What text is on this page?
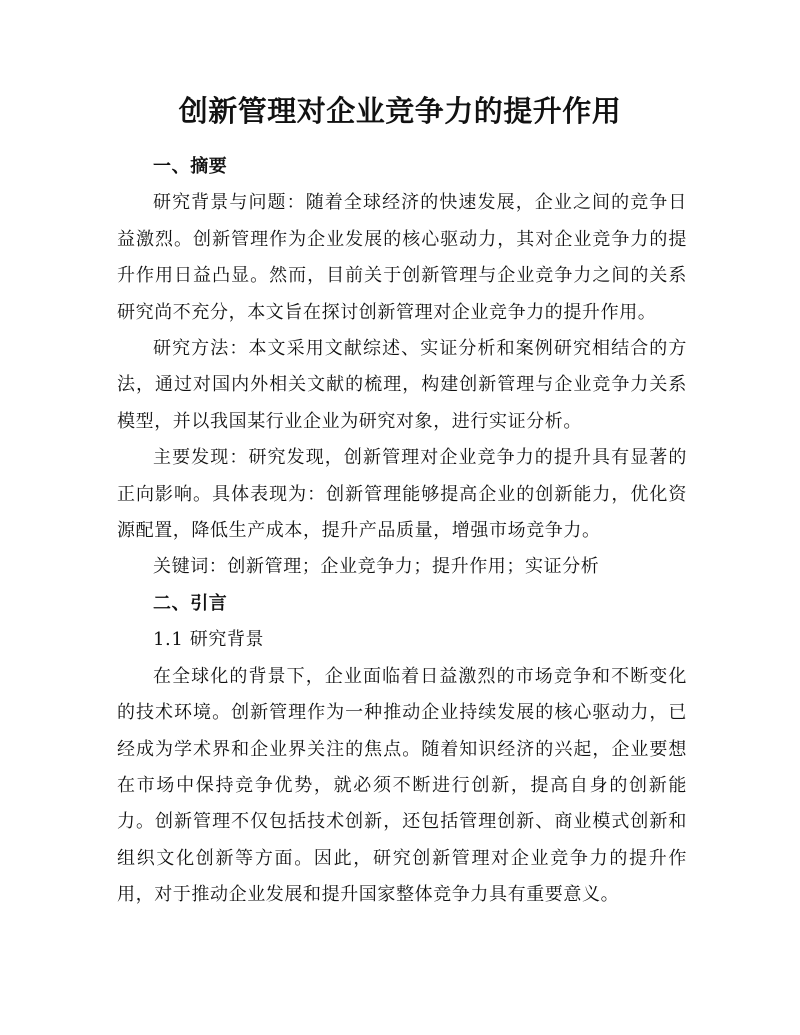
创新管理对企业竞争力的提升作用

一、摘要

研究背景与问题：随着全球经济的快速发展，企业之间的竞争日益激烈。创新管理作为企业发展的核心驱动力，其对企业竞争力的提升作用日益凸显。然而，目前关于创新管理与企业竞争力之间的关系研究尚不充分，本文旨在探讨创新管理对企业竞争力的提升作用。

研究方法：本文采用文献综述、实证分析和案例研究相结合的方法，通过对国内外相关文献的梳理，构建创新管理与企业竞争力关系模型，并以我国某行业企业为研究对象，进行实证分析。

主要发现：研究发现，创新管理对企业竞争力的提升具有显著的正向影响。具体表现为：创新管理能够提高企业的创新能力，优化资源配置，降低生产成本，提升产品质量，增强市场竞争力。

关键词：创新管理；企业竞争力；提升作用；实证分析

二、引言

1.1 研究背景

在全球化的背景下，企业面临着日益激烈的市场竞争和不断变化的技术环境。创新管理作为一种推动企业持续发展的核心驱动力，已经成为学术界和企业界关注的焦点。随着知识经济的兴起，企业要想在市场中保持竞争优势，就必须不断进行创新，提高自身的创新能力。创新管理不仅包括技术创新，还包括管理创新、商业模式创新和组织文化创新等方面。因此，研究创新管理对企业竞争力的提升作用，对于推动企业发展和提升国家整体竞争力具有重要意义。
